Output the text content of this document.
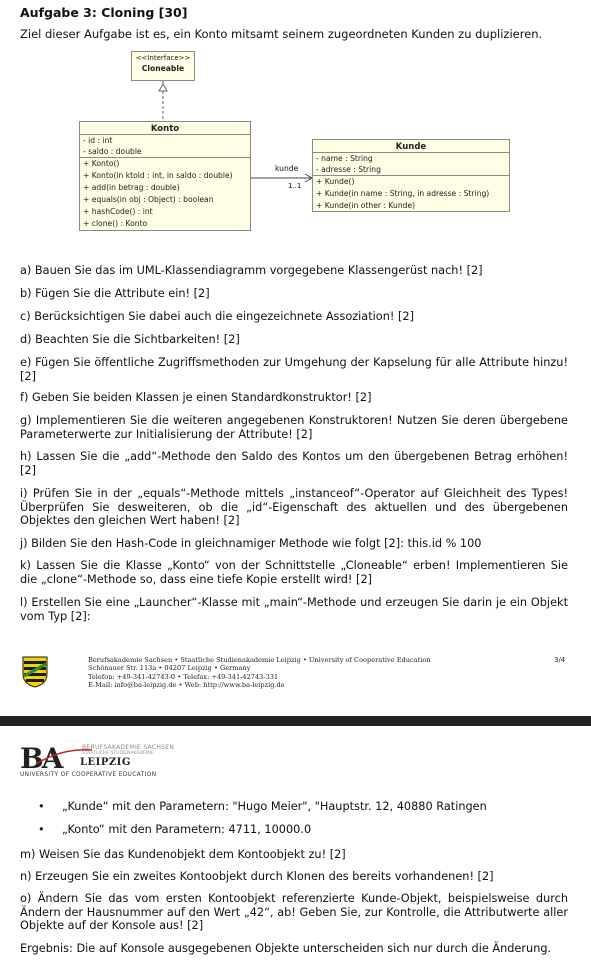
Aufgabe 3: Cloning [30]
Ziel dieser Aufgabe ist es, ein Konto mitsamt seinem zugeordneten Kunden zu duplizieren.
<<Interface>>
Cloneable
kunde
1..1
Konto
- id : int
- saldo : double
+ Konto()
+ Konto(in ktold : int, in saldo : double)
+ add(in betrag : double)
+ equals(in obj : Object) : boolean
+ hashCode() : int
+ clone() : Konto
Kunde
- name : String
- adresse : String
+ Kunde()
+ Kunde(in name : String, in adresse : String)
+ Kunde(in other : Kunde)
a) Bauen Sie das im UML-Klassendiagramm vorgegebene Klassengerüst nach! [2]
b) Fügen Sie die Attribute ein! [2]
c) Berücksichtigen Sie dabei auch die eingezeichnete Assoziation! [2]
d) Beachten Sie die Sichtbarkeiten! [2]
e) Fügen Sie öffentliche Zugriffsmethoden zur Umgehung der Kapselung für alle Attribute hinzu! [2]
f) Geben Sie beiden Klassen je einen Standardkonstruktor! [2]
g) Implementieren Sie die weiteren angegebenen Konstruktoren! Nutzen Sie deren übergebene Parameterwerte zur Initialisierung der Attribute! [2]
h) Lassen Sie die „add“-Methode den Saldo des Kontos um den übergebenen Betrag erhöhen! [2]
i) Prüfen Sie in der „equals“-Methode mittels „instanceof“-Operator auf Gleichheit des Types! Überprüfen Sie desweiteren, ob die „id“-Eigenschaft des aktuellen und des übergebenen Objektes den gleichen Wert haben! [2]
j) Bilden Sie den Hash-Code in gleichnamiger Methode wie folgt [2]: this.id % 100
k) Lassen Sie die Klasse „Konto“ von der Schnittstelle „Cloneable“ erben! Implementieren Sie die „clone“-Methode so, dass eine tiefe Kopie erstellt wird! [2]
l) Erstellen Sie eine „Launcher“-Klasse mit „main“-Methode und erzeugen Sie darin je ein Objekt vom Typ [2]:
Berufsakademie Sachsen • Staatliche Studienakademie Leipzig • University of Cooperative Education
Schönauer Str. 113a • 04207 Leipzig • Germany
Telefon: +49-341-42743-0 • Telefax: +49-341-42743-331
E-Mail: info@ba-leipzig.de • Web: http://www.ba-leipzig.de
3/4
BA	BERUFSAKADEMIE SACHSEN
STAATLICHE STUDIENAKADEMIE
LEIPZIG
UNIVERSITY OF COOPERATIVE EDUCATION
• „Kunde“ mit den Parametern: "Hugo Meier", "Hauptstr. 12, 40880 Ratingen
• „Konto“ mit den Parametern: 4711, 10000.0
m) Weisen Sie das Kundenobjekt dem Kontoobjekt zu! [2]
n) Erzeugen Sie ein zweites Kontoobjekt durch Klonen des bereits vorhandenen! [2]
o) Ändern Sie das vom ersten Kontoobjekt referenzierte Kunde-Objekt, beispielsweise durch Ändern der Hausnummer auf den Wert „42“, ab! Geben Sie, zur Kontrolle, die Attributwerte aller Objekte auf der Konsole aus! [2]
Ergebnis: Die auf Konsole ausgegebenen Objekte unterscheiden sich nur durch die Änderung.
